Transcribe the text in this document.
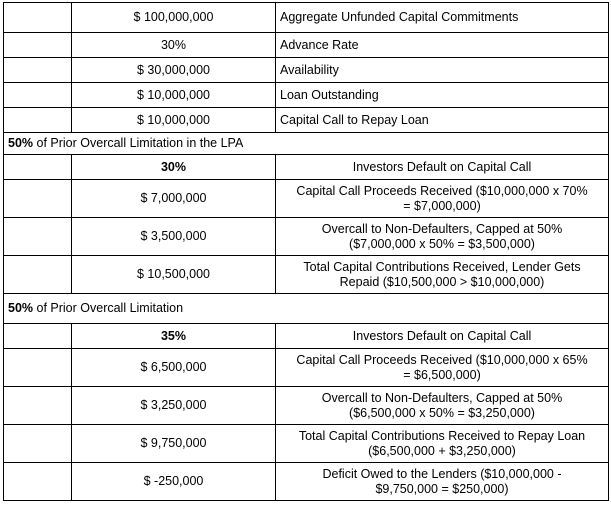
	$ 100,000,000	Aggregate Unfunded Capital Commitments
	30%	Advance Rate
	$ 30,000,000	Availability
	$ 10,000,000	Loan Outstanding
	$ 10,000,000	Capital Call to Repay Loan
50% of Prior Overcall Limitation in the LPA		
	30%	Investors Default on Capital Call
	$ 7,000,000	Capital Call Proceeds Received ($10,000,000 x 70%
= $7,000,000)
	$ 3,500,000	Overcall to Non-Defaulters, Capped at 50%
($7,000,000 x 50% = $3,500,000)
	$ 10,500,000	Total Capital Contributions Received, Lender Gets
Repaid ($10,500,000 > $10,000,000)
50% of Prior Overcall Limitation		
	35%	Investors Default on Capital Call
	$ 6,500,000	Capital Call Proceeds Received ($10,000,000 x 65%
= $6,500,000)
	$ 3,250,000	Overcall to Non-Defaulters, Capped at 50%
($6,500,000 x 50% = $3,250,000)
	$ 9,750,000	Total Capital Contributions Received to Repay Loan
($6,500,000 + $3,250,000)
	$ -250,000	Deficit Owed to the Lenders ($10,000,000 -
$9,750,000 = $250,000)
